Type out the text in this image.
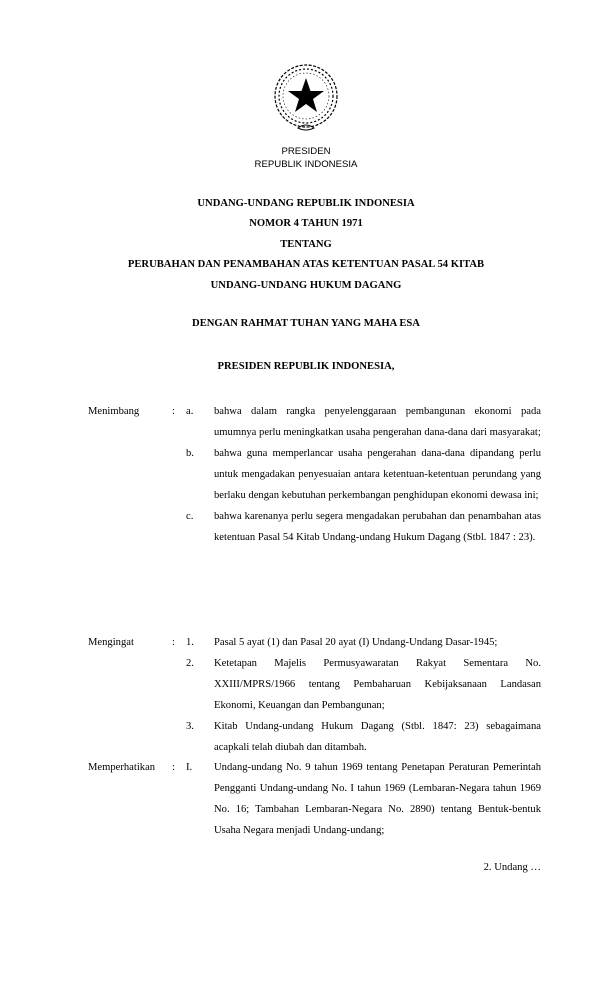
PRESIDEN
REPUBLIK INDONESIA
UNDANG-UNDANG REPUBLIK INDONESIA
NOMOR 4 TAHUN 1971
TENTANG
PERUBAHAN DAN PENAMBAHAN ATAS KETENTUAN PASAL 54 KITAB
UNDANG-UNDANG HUKUM DAGANG
DENGAN RAHMAT TUHAN YANG MAHA ESA
PRESIDEN REPUBLIK INDONESIA,
Menimbang	:	a.	bahwa dalam rangka penyelenggaraan pembangunan ekonomi pada umumnya perlu meningkatkan usaha pengerahan dana-dana dari masyarakat;
b.	bahwa guna memperlancar usaha pengerahan dana-dana dipandang perlu untuk mengadakan penyesuaian antara ketentuan-ketentuan perundang yang berlaku dengan kebutuhan perkembangan penghidupan ekonomi dewasa ini;
c.	bahwa karenanya perlu segera mengadakan perubahan dan penambahan atas ketentuan Pasal 54 Kitab Undang-undang Hukum Dagang (Stbl. 1847 : 23).
Mengingat	:	1.	Pasal 5 ayat (1) dan Pasal 20 ayat (I) Undang-Undang Dasar-1945;
2.	Ketetapan Majelis Permusyawaratan Rakyat Sementara No. XXIII/MPRS/1966 tentang Pembaharuan Kebijaksanaan Landasan Ekonomi, Keuangan dan Pembangunan;
3.	Kitab Undang-undang Hukum Dagang (Stbl. 1847: 23) sebagaimana acapkali telah diubah dan ditambah.
Memperhatikan	:	I.	Undang-undang No. 9 tahun 1969 tentang Penetapan Peraturan Pemerintah Pengganti Undang-undang No. I tahun 1969 (Lembaran-Negara tahun 1969 No. 16; Tambahan Lembaran-Negara No. 2890) tentang Bentuk-bentuk Usaha Negara menjadi Undang-undang;
2. Undang …
